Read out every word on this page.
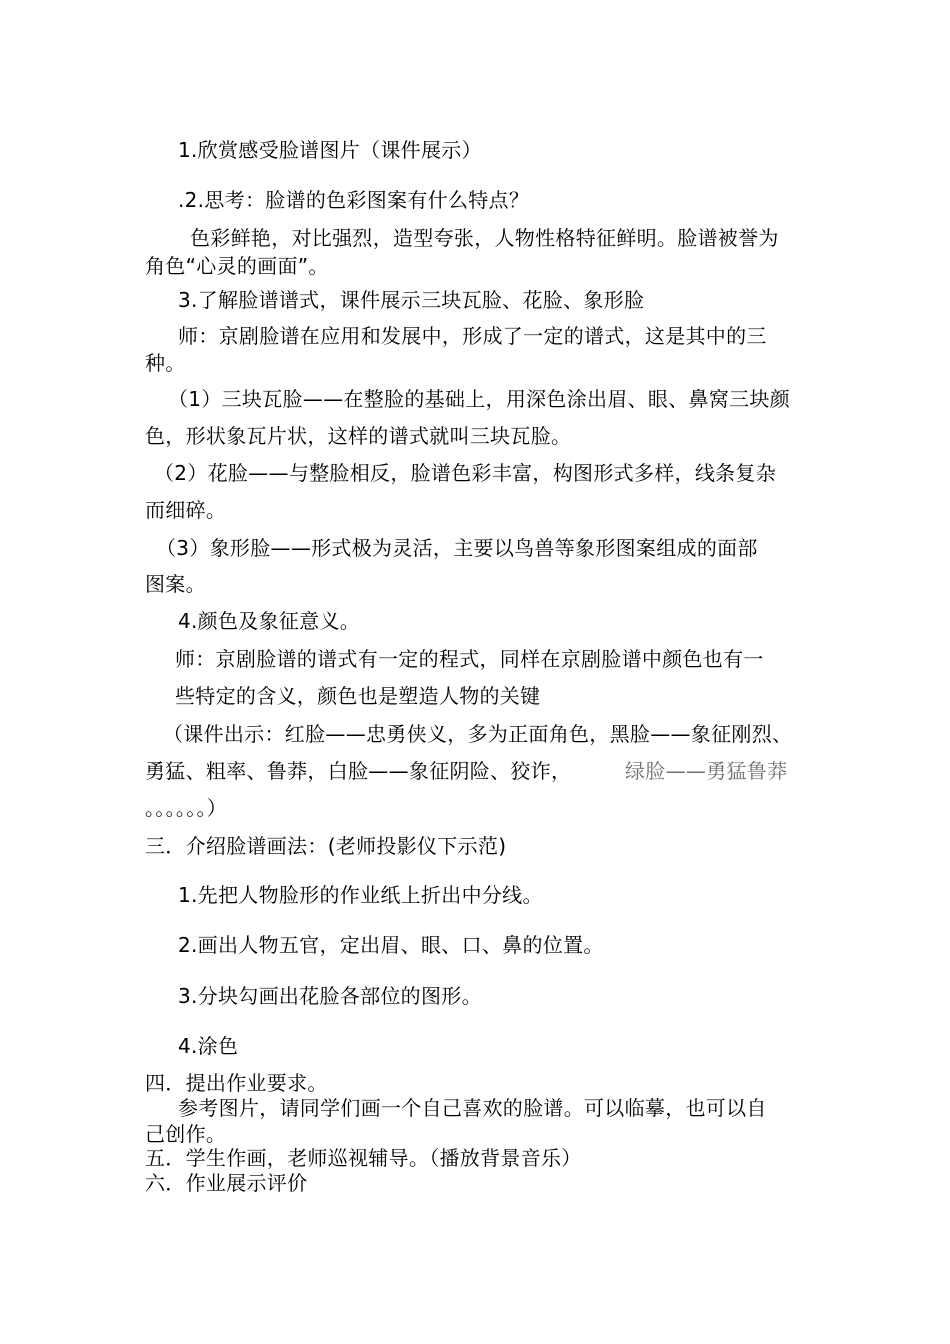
1.欣赏感受脸谱图片（课件展示）
.2.思考：脸谱的色彩图案有什么特点？
色彩鲜艳，对比强烈，造型夸张，人物性格特征鲜明。脸谱被誉为
角色“心灵的画面”。
3.了解脸谱谱式，课件展示三块瓦脸、花脸、象形脸
师：京剧脸谱在应用和发展中，形成了一定的谱式，这是其中的三
种。
（1）三块瓦脸——在整脸的基础上，用深色涂出眉、眼、鼻窝三块颜
色，形状象瓦片状，这样的谱式就叫三块瓦脸。
（2）花脸——与整脸相反，脸谱色彩丰富，构图形式多样，线条复杂
而细碎。
（3）象形脸——形式极为灵活，主要以鸟兽等象形图案组成的面部
图案。
4.颜色及象征意义。
师：京剧脸谱的谱式有一定的程式，同样在京剧脸谱中颜色也有一
些特定的含义，颜色也是塑造人物的关键
（课件出示：红脸——忠勇侠义，多为正面角色，黑脸——象征刚烈、
勇猛、粗率、鲁莽，白脸——象征阴险、狡诈，	绿脸——勇猛鲁莽
。。。。。。）
三．介绍脸谱画法：(老师投影仪下示范)
1.先把人物脸形的作业纸上折出中分线。
2.画出人物五官，定出眉、眼、口、鼻的位置。
3.分块勾画出花脸各部位的图形。
4.涂色
四．提出作业要求。
参考图片，请同学们画一个自己喜欢的脸谱。可以临摹，也可以自
己创作。
五．学生作画，老师巡视辅导。（播放背景音乐）
六．作业展示评价
